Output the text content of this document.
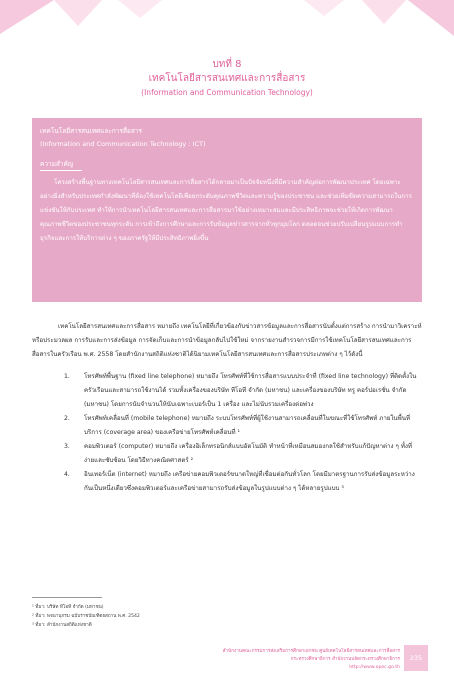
บทที่ 8
เทคโนโลยีสารสนเทศและการสื่อสาร
(Information and Communication Technology)
เทคโนโลยีสารสนเทศและการสื่อสาร
(Information and Communication Technology : ICT)
ความสำคัญ
โครงสร้างพื้นฐานทางเทคโนโลยีสารสนเทศและการสื่อสารได้กลายมาเป็นปัจจัยหนึ่งที่มีความสำคัญต่อการพัฒนาประเทศ โดยเฉพาะอย่างยิ่งสำหรับประเทศกำลังพัฒนาที่ต้องใช้เทคโนโลยีเพื่อยกระดับคุณภาพชีวิตและความรู้ของประชาชน และช่วยเพิ่มขีดความสามารถในการแข่งขันให้กับประเทศ ทำให้การนำเทคโนโลยีสารสนเทศและการสื่อสารมาใช้อย่างเหมาะสมและมีประสิทธิภาพจะช่วยให้เกิดการพัฒนาคุณภาพชีวิตของประชาชนทุกระดับ การเข้าถึงการศึกษาและการรับข้อมูลข่าวสารจากทั่วทุกมุมโลก ตลอดจนช่วยปรับเปลี่ยนรูปแบบการทำธุรกิจและการให้บริการต่าง ๆ ของภาครัฐให้มีประสิทธิภาพยิ่งขึ้น

เทคโนโลยีสารสนเทศและการสื่อสาร หมายถึง เทคโนโลยีที่เกี่ยวข้องกับข่าวสารข้อมูลและการสื่อสารนับตั้งแต่การสร้าง การนำมาวิเคราะห์หรือประมวลผล การรับและการส่งข้อมูล การจัดเก็บและการนำข้อมูลกลับไปใช้ใหม่ จากรายงานสำรวจการมีการใช้เทคโนโลยีสารสนเทศและการสื่อสารในครัวเรือน พ.ศ. 2558 โดยสำนักงานสถิติแห่งชาติได้นิยามเทคโนโลยีสารสนเทศและการสื่อสารประเภทต่าง ๆ ไว้ดังนี้

1. โทรศัพท์พื้นฐาน (fixed line telephone) หมายถึง โทรศัพท์ที่ใช้การสื่อสารแบบประจำที่ (fixed line technology) ที่ติดตั้งในครัวเรือนและสามารถใช้งานได้ รวมทั้งเครื่องของบริษัท ทีโอที จำกัด (มหาชน) และเครื่องของบริษัท ทรู คอร์ปอเรชั่น จำกัด (มหาชน) โดยการนับจำนวนให้นับเฉพาะเบอร์เป็น 1 เครื่อง และไม่นับรวมเครื่องต่อพ่วง
2. โทรศัพท์เคลื่อนที่ (mobile telephone) หมายถึง ระบบโทรศัพท์ที่ผู้ใช้งานสามารถเคลื่อนที่ในขณะที่ใช้โทรศัพท์ ภายในพื้นที่บริการ (coverage area) ของเครือข่ายโทรศัพท์เคลื่อนที่ ¹
3. คอมพิวเตอร์ (computer) หมายถึง เครื่องอิเล็กทรอนิกส์แบบอัตโนมัติ ทำหน้าที่เหมือนสมองกลใช้สำหรับแก้ปัญหาต่าง ๆ ทั้งที่ง่ายและซับซ้อน โดยวิธีทางคณิตศาสตร์ ²
4. อินเทอร์เน็ต (internet) หมายถึง เครือข่ายคอมพิวเตอร์ขนาดใหญ่ที่เชื่อมต่อกันทั่วโลก โดยมีมาตรฐานการรับส่งข้อมูลระหว่างกันเป็นหนึ่งเดียวซึ่งคอมพิวเตอร์และเครือข่ายสามารถรับส่งข้อมูลในรูปแบบต่าง ๆ ได้หลายรูปแบบ ³
¹ ที่มา: บริษัท ทีโอที จำกัด (มหาชน)
² ที่มา: พจนานุกรม ฉบับราชบัณฑิตยสถาน พ.ศ. 2542
³ ที่มา: สำนักงานสถิติแห่งชาติ
สำนักงานคณะกรรมการส่งเสริมการศึกษาเอกชน ศูนย์เทคโนโลยีสารสนเทศและการสื่อสาร
กระทรวงศึกษาธิการ สำนักงานปลัดกระทรวงศึกษาธิการ
http://www.opec.go.th
235
